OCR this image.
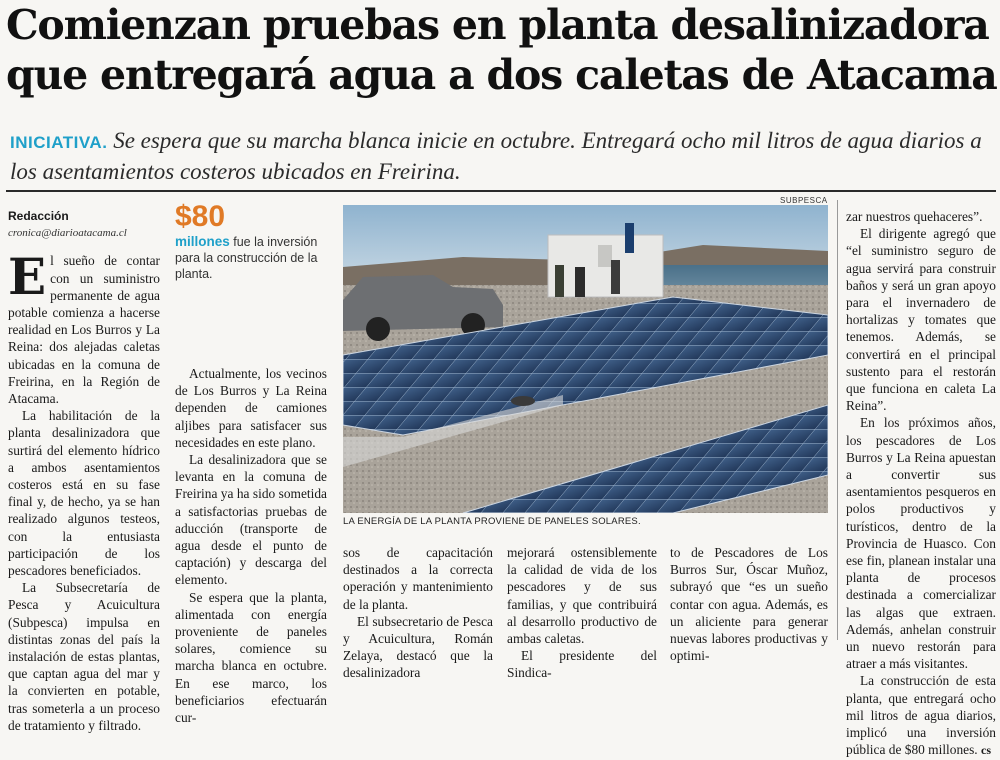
Comienzan pruebas en planta desalinizadora
que entregará agua a dos caletas de Atacama
INICIATIVA. Se espera que su marcha blanca inicie en octubre. Entregará ocho mil litros de agua diarios a los asentamientos costeros ubicados en Freirina.
Redacción
cronica@diarioatacama.cl

El sueño de contar con un suministro permanente de agua potable comienza a hacerse realidad en Los Burros y La Reina: dos alejadas caletas ubicadas en la comuna de Freirina, en la Región de Atacama.

La habilitación de la planta desalinizadora que surtirá del elemento hídrico a ambos asentamientos costeros está en su fase final y, de hecho, ya se han realizado algunos testeos, con la entusiasta participación de los pescadores beneficiados.

La Subsecretaría de Pesca y Acuicultura (Subpesca) impulsa en distintas zonas del país la instalación de estas plantas, que captan agua del mar y la convierten en potable, tras someterla a un proceso de tratamiento y filtrado.

$80
millones fue la inversión para la construcción de la planta.

Actualmente, los vecinos de Los Burros y La Reina dependen de camiones aljibes para satisfacer sus necesidades en este plano.

La desalinizadora que se levanta en la comuna de Freirina ya ha sido sometida a satisfactorias pruebas de aducción (transporte de agua desde el punto de captación) y descarga del elemento.

Se espera que la planta, alimentada con energía proveniente de paneles solares, comience su marcha blanca en octubre. En ese marco, los beneficiarios efectuarán cur-

SUBPESCA
LA ENERGÍA DE LA PLANTA PROVIENE DE PANELES SOLARES.

sos de capacitación destinados a la correcta operación y mantenimiento de la planta.

El subsecretario de Pesca y Acuicultura, Román Zelaya, destacó que la desalinizadora

mejorará ostensiblemente la calidad de vida de los pescadores y de sus familias, y que contribuirá al desarrollo productivo de ambas caletas.

El presidente del Sindica-

to de Pescadores de Los Burros Sur, Óscar Muñoz, subrayó que “es un sueño contar con agua. Además, es un aliciente para generar nuevas labores productivas y optimi-

zar nuestros quehaceres”.

El dirigente agregó que “el suministro seguro de agua servirá para construir baños y será un gran apoyo para el invernadero de hortalizas y tomates que tenemos. Además, se convertirá en el principal sustento para el restorán que funciona en caleta La Reina”.

En los próximos años, los pescadores de Los Burros y La Reina apuestan a convertir sus asentamientos pesqueros en polos productivos y turísticos, dentro de la Provincia de Huasco. Con ese fin, planean instalar una planta de procesos destinada a comercializar las algas que extraen. Además, anhelan construir un nuevo restorán para atraer a más visitantes.

La construcción de esta planta, que entregará ocho mil litros de agua diarios, implicó una inversión pública de $80 millones. cs
